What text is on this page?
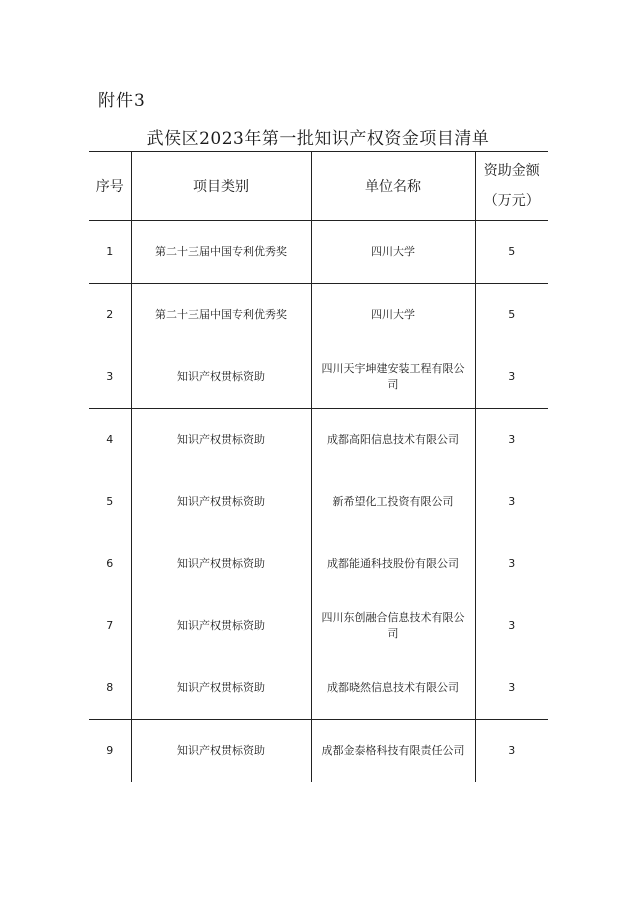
附件3
武侯区2023年第一批知识产权资金项目清单
序号	项目类别	单位名称	资助金额
（万元）

1	第二十三届中国专利优秀奖	四川大学	5
2	第二十三届中国专利优秀奖	四川大学	5
3	知识产权贯标资助	四川天宇坤建安装工程有限公司	3
4	知识产权贯标资助	成都高阳信息技术有限公司	3
5	知识产权贯标资助	新希望化工投资有限公司	3
6	知识产权贯标资助	成都能通科技股份有限公司	3
7	知识产权贯标资助	四川东创融合信息技术有限公司	3
8	知识产权贯标资助	成都晓然信息技术有限公司	3
9	知识产权贯标资助	成都金泰格科技有限责任公司	3
